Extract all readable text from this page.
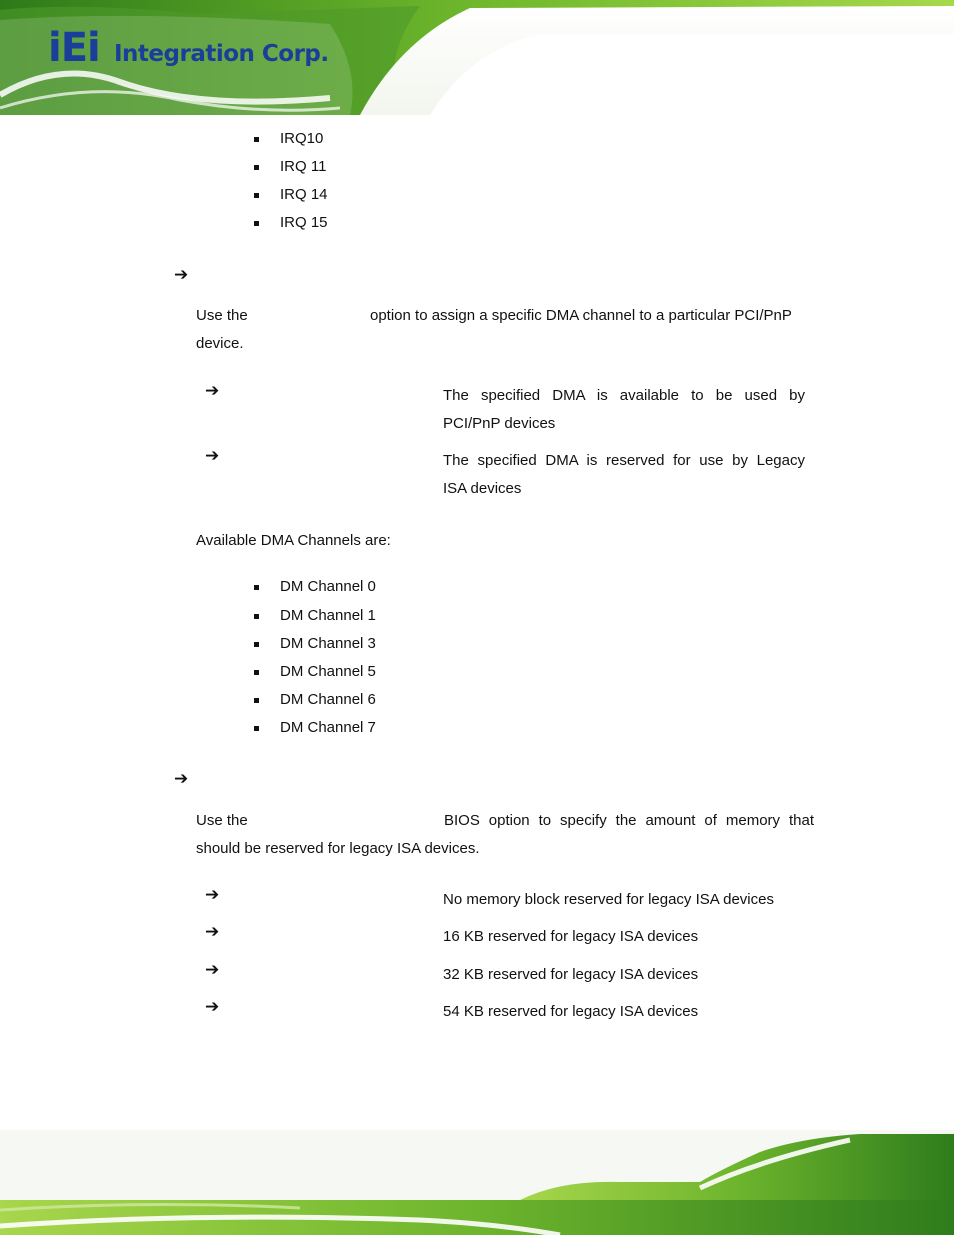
iEi Integration Corp.
IRQ10
IRQ 11
IRQ 14
IRQ 15
➔
Use the	option to assign a specific DMA channel to a particular PCI/PnP
device.
➔	The specified DMA is available to be used by
PCI/PnP devices
➔	The specified DMA is reserved for use by Legacy
ISA devices
Available DMA Channels are:
DM Channel 0
DM Channel 1
DM Channel 3
DM Channel 5
DM Channel 6
DM Channel 7
➔
Use the	BIOS option to specify the amount of memory that
should be reserved for legacy ISA devices.
➔	No memory block reserved for legacy ISA devices
➔	16 KB reserved for legacy ISA devices
➔	32 KB reserved for legacy ISA devices
➔	54 KB reserved for legacy ISA devices
